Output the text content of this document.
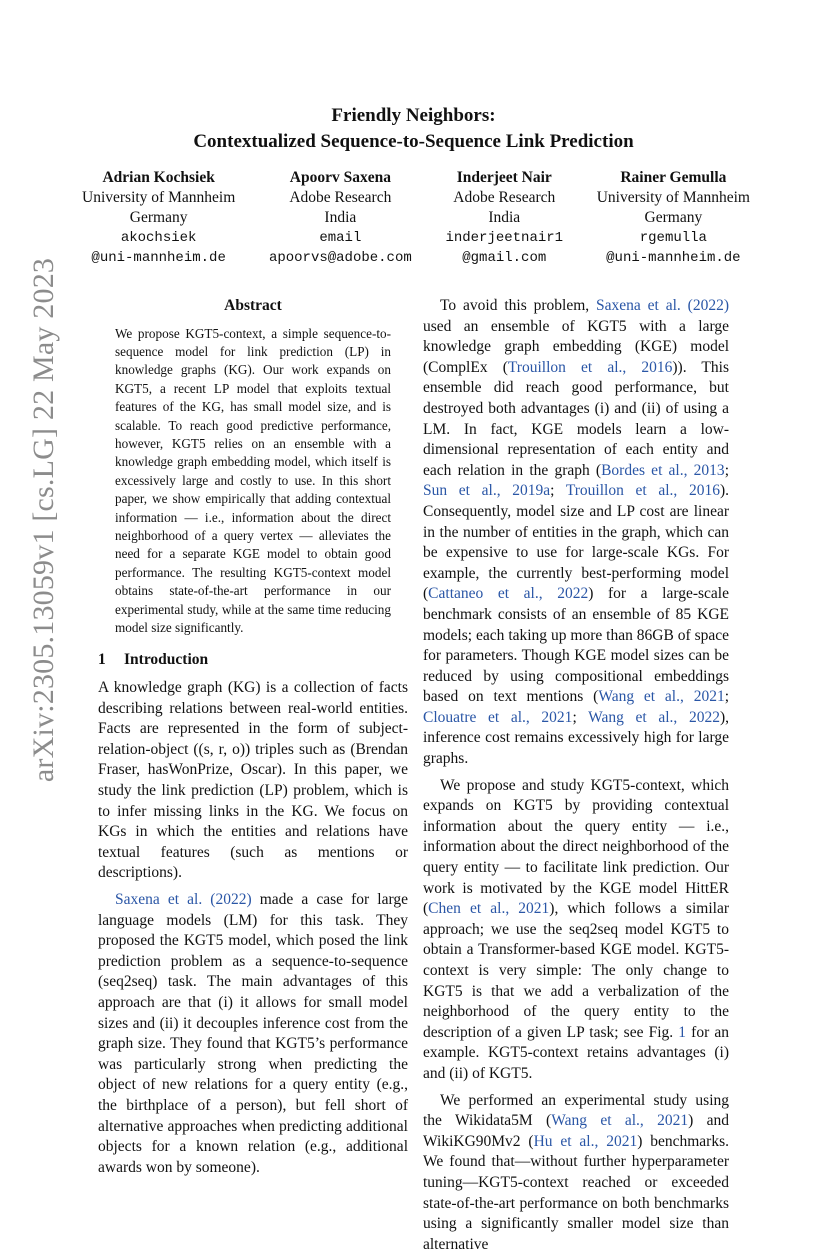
arXiv:2305.13059v1 [cs.LG] 22 May 2023
Friendly Neighbors:
Contextualized Sequence-to-Sequence Link Prediction
Adrian Kochsiek
University of Mannheim
Germany
akochsiek
@uni-mannheim.de
Apoorv Saxena
Adobe Research
India
email
apoorvs@adobe.com
Inderjeet Nair
Adobe Research
India
inderjeetnair1
@gmail.com
Rainer Gemulla
University of Mannheim
Germany
rgemulla
@uni-mannheim.de
Abstract
We propose KGT5-context, a simple sequence-to-sequence model for link prediction (LP) in knowledge graphs (KG). Our work expands on KGT5, a recent LP model that exploits textual features of the KG, has small model size, and is scalable. To reach good predictive performance, however, KGT5 relies on an ensemble with a knowledge graph embedding model, which itself is excessively large and costly to use. In this short paper, we show empirically that adding contextual information — i.e., information about the direct neighborhood of a query vertex — alleviates the need for a separate KGE model to obtain good performance. The resulting KGT5-context model obtains state-of-the-art performance in our experimental study, while at the same time reducing model size significantly.
1 Introduction

A knowledge graph (KG) is a collection of facts describing relations between real-world entities. Facts are represented in the form of subject-relation-object ((s, r, o)) triples such as (Brendan Fraser, hasWonPrize, Oscar). In this paper, we study the link prediction (LP) problem, which is to infer missing links in the KG. We focus on KGs in which the entities and relations have textual features (such as mentions or descriptions).

Saxena et al. (2022) made a case for large language models (LM) for this task. They proposed the KGT5 model, which posed the link prediction problem as a sequence-to-sequence (seq2seq) task. The main advantages of this approach are that (i) it allows for small model sizes and (ii) it decouples inference cost from the graph size. They found that KGT5’s performance was particularly strong when predicting the object of new relations for a query entity (e.g., the birthplace of a person), but fell short of alternative approaches when predicting additional objects for a known relation (e.g., additional awards won by someone).

To avoid this problem, Saxena et al. (2022) used an ensemble of KGT5 with a large knowledge graph embedding (KGE) model (ComplEx (Trouillon et al., 2016)). This ensemble did reach good performance, but destroyed both advantages (i) and (ii) of using a LM. In fact, KGE models learn a low-dimensional representation of each entity and each relation in the graph (Bordes et al., 2013; Sun et al., 2019a; Trouillon et al., 2016). Consequently, model size and LP cost are linear in the number of entities in the graph, which can be expensive to use for large-scale KGs. For example, the currently best-performing model (Cattaneo et al., 2022) for a large-scale benchmark consists of an ensemble of 85 KGE models; each taking up more than 86GB of space for parameters. Though KGE model sizes can be reduced by using compositional embeddings based on text mentions (Wang et al., 2021; Clouatre et al., 2021; Wang et al., 2022), inference cost remains excessively high for large graphs.

We propose and study KGT5-context, which expands on KGT5 by providing contextual information about the query entity — i.e., information about the direct neighborhood of the query entity — to facilitate link prediction. Our work is motivated by the KGE model HittER (Chen et al., 2021), which follows a similar approach; we use the seq2seq model KGT5 to obtain a Transformer-based KGE model. KGT5-context is very simple: The only change to KGT5 is that we add a verbalization of the neighborhood of the query entity to the description of a given LP task; see Fig. 1 for an example. KGT5-context retains advantages (i) and (ii) of KGT5.

We performed an experimental study using the Wikidata5M (Wang et al., 2021) and WikiKG90Mv2 (Hu et al., 2021) benchmarks. We found that—without further hyperparameter tuning—KGT5-context reached or exceeded state-of-the-art performance on both benchmarks using a significantly smaller model size than alternative
